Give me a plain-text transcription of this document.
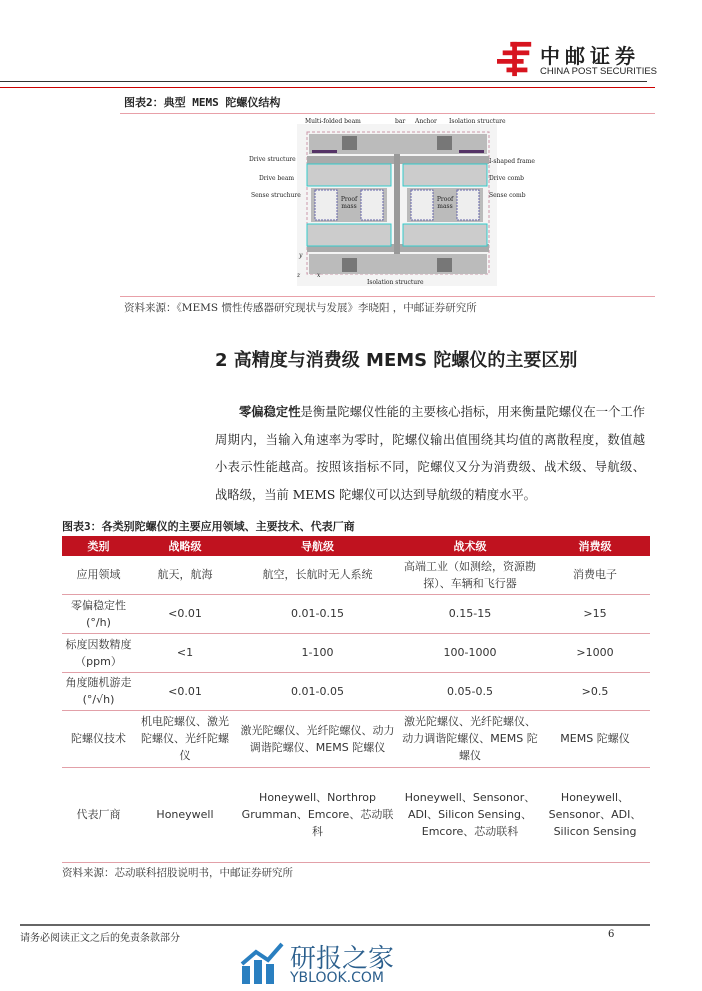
中邮证券
CHINA POST SECURITIES
图表2：典型 MEMS 陀螺仪结构
Multi-folded beam	bar Anchor Isolation structure
Drive structure	I-shaped frame
Drive beam	Drive comb
Sense struchure	Sense comb
Proof mass
Proof mass
y
z	x
Isolation structure
资料来源：《MEMS 惯性传感器研究现状与发展》李晓阳 ，中邮证券研究所
2 高精度与消费级 MEMS 陀螺仪的主要区别

零偏稳定性是衡量陀螺仪性能的主要核心指标，用来衡量陀螺仪在一个工作周期内，当输入角速率为零时，陀螺仪输出值围绕其均值的离散程度，数值越小表示性能越高。按照该指标不同，陀螺仪又分为消费级、战术级、导航级、战略级，当前 MEMS 陀螺仪可以达到导航级的精度水平。

图表3：各类别陀螺仪的主要应用领域、主要技术、代表厂商
类别	战略级	导航级	战术级	消费级
应用领域	航天，航海	航空，长航时无人系统	高端工业（如测绘，资源勘探）、车辆和飞行器	消费电子
零偏稳定性(°/h)	<0.01	0.01-0.15	0.15-15	>15
标度因数精度（ppm）	<1	1-100	100-1000	>1000
角度随机游走(°/√h)	<0.01	0.01-0.05	0.05-0.5	>0.5
陀螺仪技术	机电陀螺仪、激光陀螺仪、光纤陀螺仪	激光陀螺仪、光纤陀螺仪、动力调谐陀螺仪、MEMS 陀螺仪	激光陀螺仪、光纤陀螺仪、动力调谐陀螺仪、MEMS 陀螺仪	MEMS 陀螺仪
代表厂商	Honeywell	Honeywell、Northrop Grumman、Emcore、芯动联科	Honeywell、Sensonor、ADI、Silicon Sensing、Emcore、芯动联科	Honeywell、Sensonor、ADI、Silicon Sensing
资料来源：芯动联科招股说明书，中邮证券研究所
请务必阅读正文之后的免责条款部分	6
研报之家
YBLOOK.COM
